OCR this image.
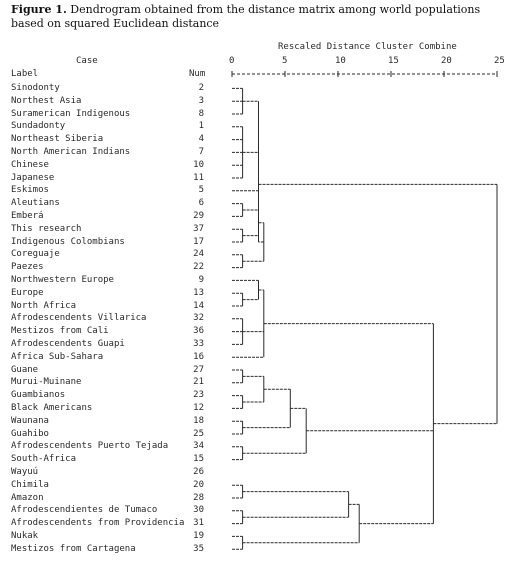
Figure 1. Dendrogram obtained from the distance matrix among world populations based on squared Euclidean distance
Rescaled Distance Cluster Combine
Case
Label	Num
0	5	10	15	20	25
Sinodonty	2
Northest Asia	3
Suramerican Indigenous	8
Sundadonty	1
Northeast Siberia	4
North American Indians	7
Chinese	10
Japanese	11
Eskimos	5
Aleutians	6
Emberá	29
This research	37
Indigenous Colombians	17
Coreguaje	24
Paezes	22
Northwestern Europe	9
Europe	13
North Africa	14
Afrodescendents Villarica	32
Mestizos from Cali	36
Afrodescendents Guapi	33
Africa Sub-Sahara	16
Guane	27
Murui-Muinane	21
Guambianos	23
Black Americans	12
Waunana	18
Guahibo	25
Afrodescendents Puerto Tejada	34
South-Africa	15
Wayuú	26
Chimila	20
Amazon	28
Afrodescendientes de Tumaco	30
Afrodescendents from Providencia 31
Nukak	19
Mestizos from Cartagena	35
